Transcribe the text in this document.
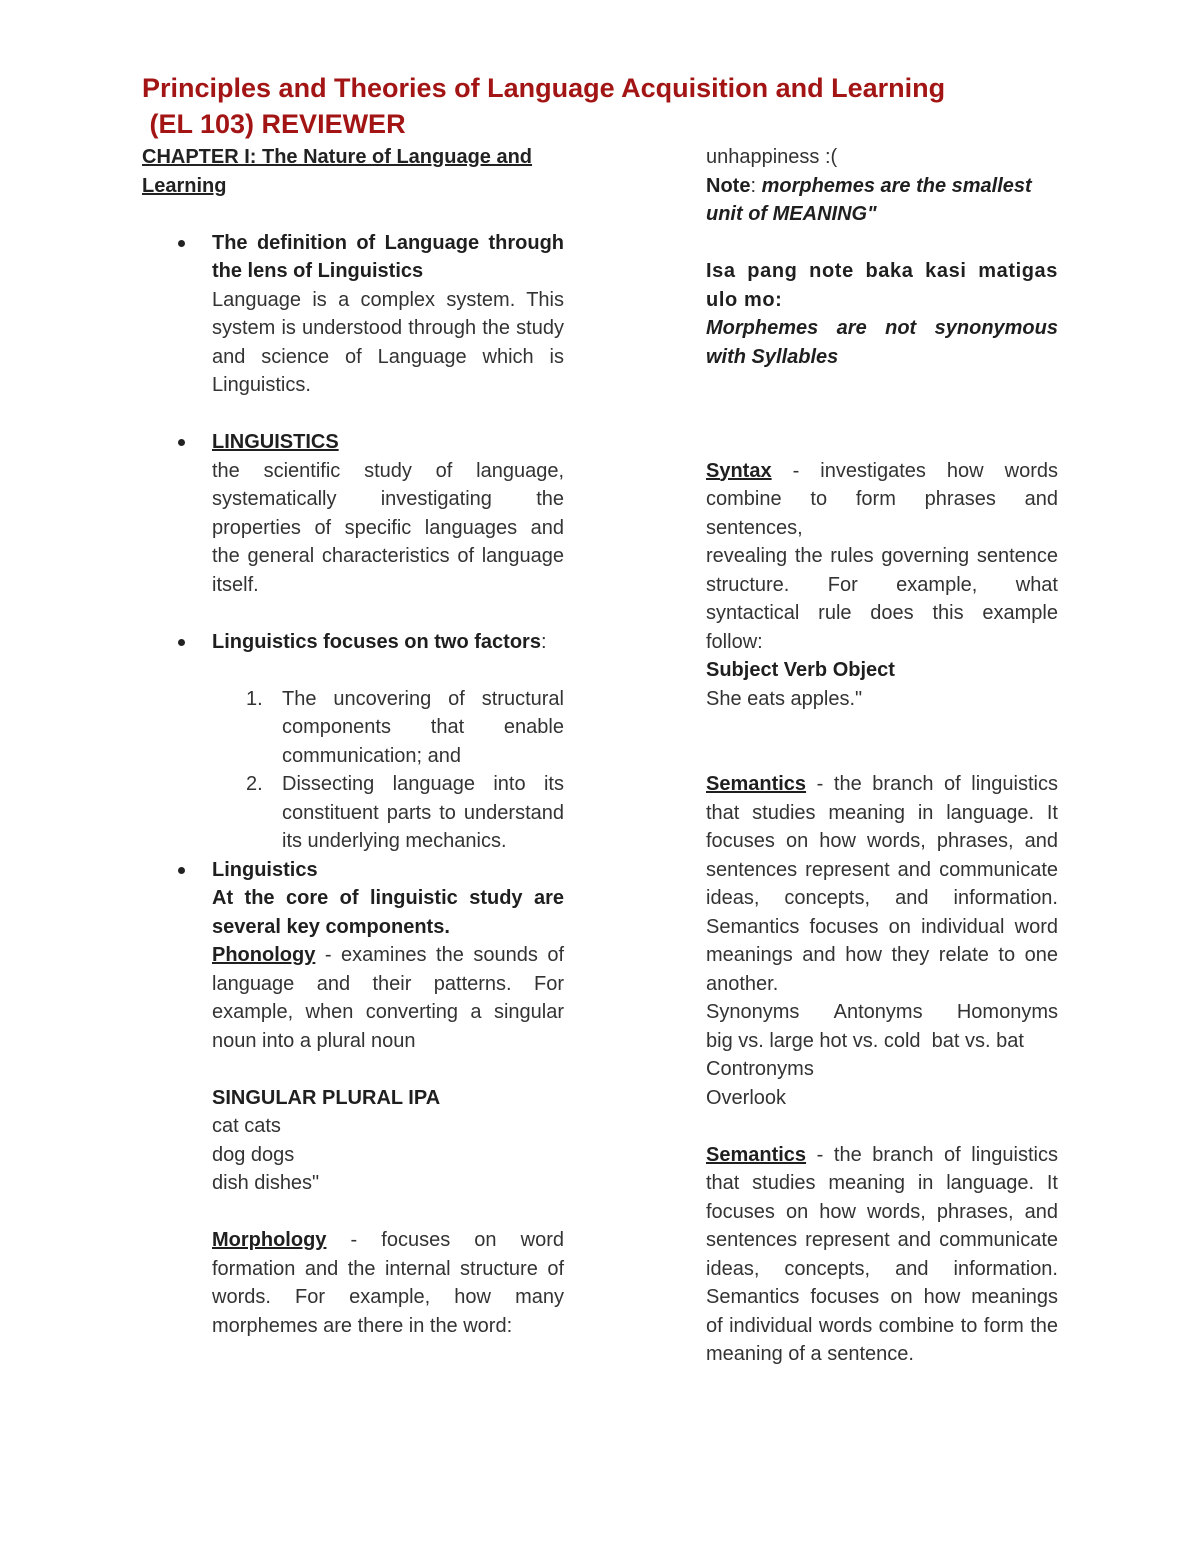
Principles and Theories of Language Acquisition and Learning
(EL 103) REVIEWER
CHAPTER I: The Nature of Language and Learning
The definition of Language through the lens of Linguistics
Language is a complex system. This system is understood through the study and science of Language which is Linguistics.
LINGUISTICS
the scientific study of language, systematically investigating the properties of specific languages and the general characteristics of language itself.
Linguistics focuses on two factors:
1. The uncovering of structural components that enable communication; and
2. Dissecting language into its constituent parts to understand its underlying mechanics.
Linguistics
At the core of linguistic study are several key components.
Phonology - examines the sounds of language and their patterns. For example, when converting a singular noun into a plural noun
SINGULAR PLURAL IPA
cat cats
dog dogs
dish dishes"
Morphology - focuses on word formation and the internal structure of words. For example, how many morphemes are there in the word:
unhappiness :(
Note: morphemes are the smallest unit of MEANING"
Isa pang note baka kasi matigas ulo mo:
Morphemes are not synonymous with Syllables
Syntax - investigates how words combine to form phrases and sentences,
revealing the rules governing sentence structure. For example, what syntactical rule does this example follow:
Subject Verb Object
She eats apples."
Semantics - the branch of linguistics that studies meaning in language. It focuses on how words, phrases, and sentences represent and communicate ideas, concepts, and information. Semantics focuses on individual word meanings and how they relate to one another.
Synonyms Antonyms Homonyms
big vs. large hot vs. cold  bat vs. bat
Contronyms
Overlook
Semantics - the branch of linguistics that studies meaning in language. It focuses on how words, phrases, and sentences represent and communicate ideas, concepts, and information. Semantics focuses on how meanings of individual words combine to form the meaning of a sentence.
